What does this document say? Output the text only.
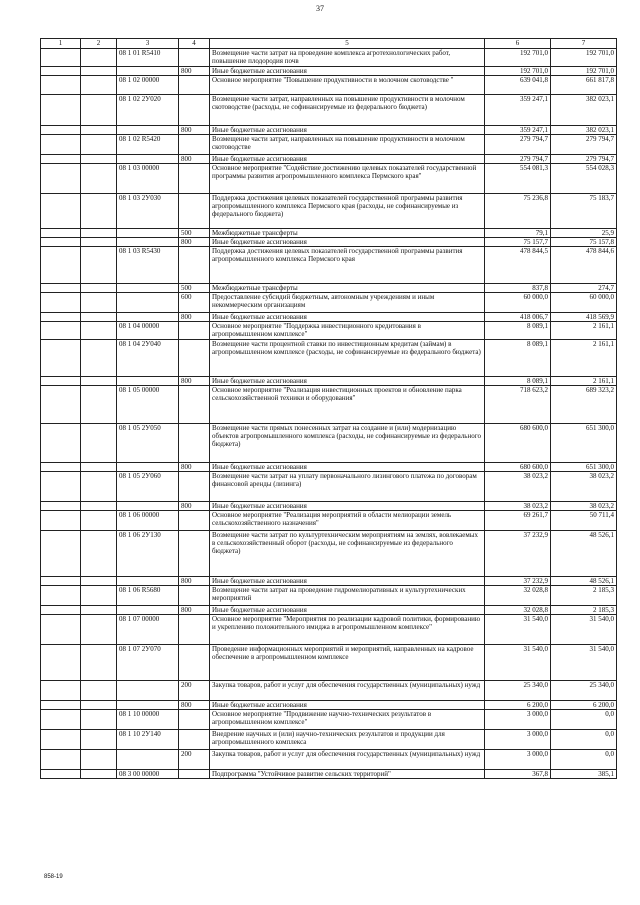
37
1	2	3	4	5	6	7
		08 1 01 R5410		Возмещение части затрат на проведение комплекса агротехнологических работ, повышение плодородия почв	192 701,0	192 701,0
			800	Иные бюджетные ассигнования	192 701,0	192 701,0
		08 1 02 00000		Основное мероприятие "Повышение продуктивности в молочном скотоводстве "	639 041,8	661 817,8
		08 1 02 2У020		Возмещение части затрат, направленных на повышение продуктивности в молочном скотоводстве (расходы, не софинансируемые из федерального бюджета)	359 247,1	382 023,1
			800	Иные бюджетные ассигнования	359 247,1	382 023,1
		08 1 02 R5420		Возмещение части затрат, направленных на повышение продуктивности в молочном скотоводстве	279 794,7	279 794,7
			800	Иные бюджетные ассигнования	279 794,7	279 794,7
		08 1 03 00000		Основное мероприятие "Содействие достижению целевых показателей государственной программы развития агропромышленного комплекса Пермского края"	554 081,3	554 028,3
		08 1 03 2У030		Поддержка достижения целевых показателей государственной программы развития агропромышленного комплекса Пермского края (расходы, не софинансируемые из федерального бюджета)	75 236,8	75 183,7
			500	Межбюджетные трансферты	79,1	25,9
			800	Иные бюджетные ассигнования	75 157,7	75 157,8
		08 1 03 R5430		Поддержка достижения целевых показателей государственной программы развития агропромышленного комплекса Пермского края	478 844,5	478 844,6
			500	Межбюджетные трансферты	837,8	274,7
			600	Предоставление субсидий бюджетным, автономным учреждениям и иным некоммерческим организациям	60 000,0	60 000,0
			800	Иные бюджетные ассигнования	418 006,7	418 569,9
		08 1 04 00000		Основное мероприятие "Поддержка инвестиционного кредитования в агропромышленном комплексе"	8 089,1	2 161,1
		08 1 04 2У040		Возмещение части процентной ставки по инвестиционным кредитам (займам) в агропромышленном комплексе (расходы, не софинансируемые из федерального бюджета)	8 089,1	2 161,1
			800	Иные бюджетные ассигнования	8 089,1	2 161,1
		08 1 05 00000		Основное мероприятие "Реализация инвестиционных проектов и обновление парка сельскохозяйственной техники и оборудования"	718 623,2	689 323,2
		08 1 05 2У050		Возмещение части прямых понесенных затрат на создание и (или) модернизацию объектов агропромышленного комплекса (расходы, не софинансируемые из федерального бюджета)	680 600,0	651 300,0
			800	Иные бюджетные ассигнования	680 600,0	651 300,0
		08 1 05 2У060		Возмещение части затрат на уплату первоначального лизингового платежа по договорам финансовой аренды (лизинга)	38 023,2	38 023,2
			800	Иные бюджетные ассигнования	38 023,2	38 023,2
		08 1 06 00000		Основное мероприятие "Реализация мероприятий в области мелиорации земель сельскохозяйственного назначения"	69 261,7	50 711,4
		08 1 06 2У130		Возмещение части затрат по культуртехническим мероприятиям на землях, вовлекаемых в сельскохозяйственный оборот (расходы, не софинансируемые из федерального бюджета)	37 232,9	48 526,1
			800	Иные бюджетные ассигнования	37 232,9	48 526,1
		08 1 06 R5680		Возмещение части затрат на проведение гидромелиоративных и культуртехнических мероприятий	32 028,8	2 185,3
			800	Иные бюджетные ассигнования	32 028,8	2 185,3
		08 1 07 00000		Основное мероприятие "Мероприятия по реализации кадровой политики, формированию и укреплению положительного имиджа в агропромышленном комплексе"	31 540,0	31 540,0
		08 1 07 2У070		Проведение информационных мероприятий и мероприятий, направленных на кадровое обеспечение в агропромышленном комплексе	31 540,0	31 540,0
			200	Закупка товаров, работ и услуг для обеспечения государственных (муниципальных) нужд	25 340,0	25 340,0
			800	Иные бюджетные ассигнования	6 200,0	6 200,0
		08 1 10 00000		Основное мероприятие "Продвижение научно-технических результатов в агропромышленном комплексе"	3 000,0	0,0
		08 1 10 2У140		Внедрение научных и (или) научно-технических результатов и продукции для агропромышленного комплекса	3 000,0	0,0
			200	Закупка товаров, работ и услуг для обеспечения государственных (муниципальных) нужд	3 000,0	0,0
		08 3 00 00000		Подпрограмма "Устойчивое развитие сельских территорий"	367,8	385,1
858-19
